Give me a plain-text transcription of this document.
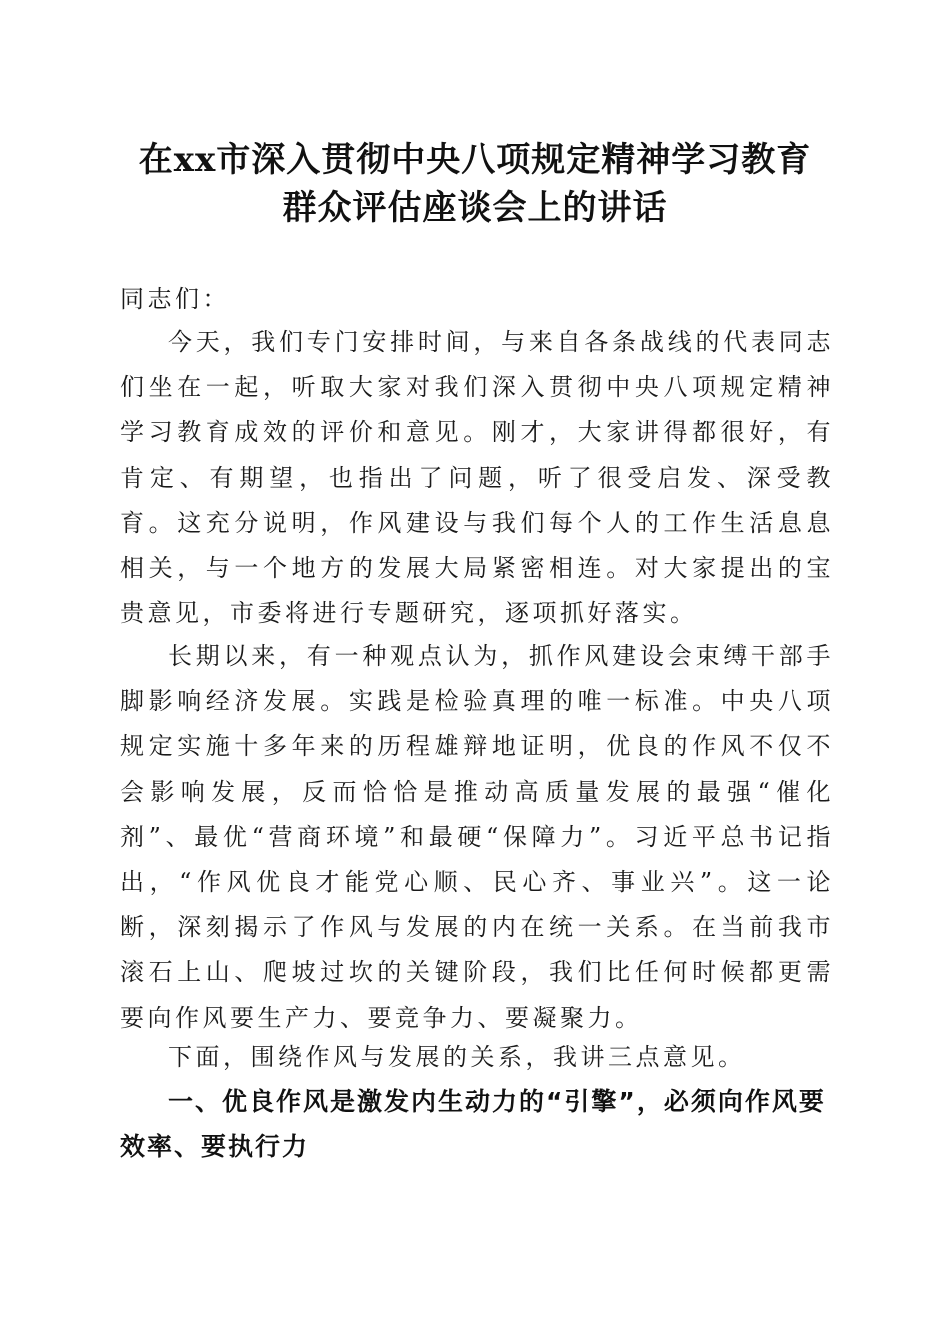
在xx市深入贯彻中央八项规定精神学习教育
群众评估座谈会上的讲话
同志们：

今天，我们专门安排时间，与来自各条战线的代表同志们坐在一起，听取大家对我们深入贯彻中央八项规定精神学习教育成效的评价和意见。刚才，大家讲得都很好，有肯定、有期望，也指出了问题，听了很受启发、深受教育。这充分说明，作风建设与我们每个人的工作生活息息相关，与一个地方的发展大局紧密相连。对大家提出的宝贵意见，市委将进行专题研究，逐项抓好落实。

长期以来，有一种观点认为，抓作风建设会束缚干部手脚影响经济发展。实践是检验真理的唯一标准。中央八项规定实施十多年来的历程雄辩地证明，优良的作风不仅不会影响发展，反而恰恰是推动高质量发展的最强“催化剂”、最优“营商环境”和最硬“保障力”。习近平总书记指出，“作风优良才能党心顺、民心齐、事业兴”。这一论断，深刻揭示了作风与发展的内在统一关系。在当前我市滚石上山、爬坡过坎的关键阶段，我们比任何时候都更需要向作风要生产力、要竞争力、要凝聚力。

下面，围绕作风与发展的关系，我讲三点意见。

一、优良作风是激发内生动力的“引擎”，必须向作风要效率、要执行力
